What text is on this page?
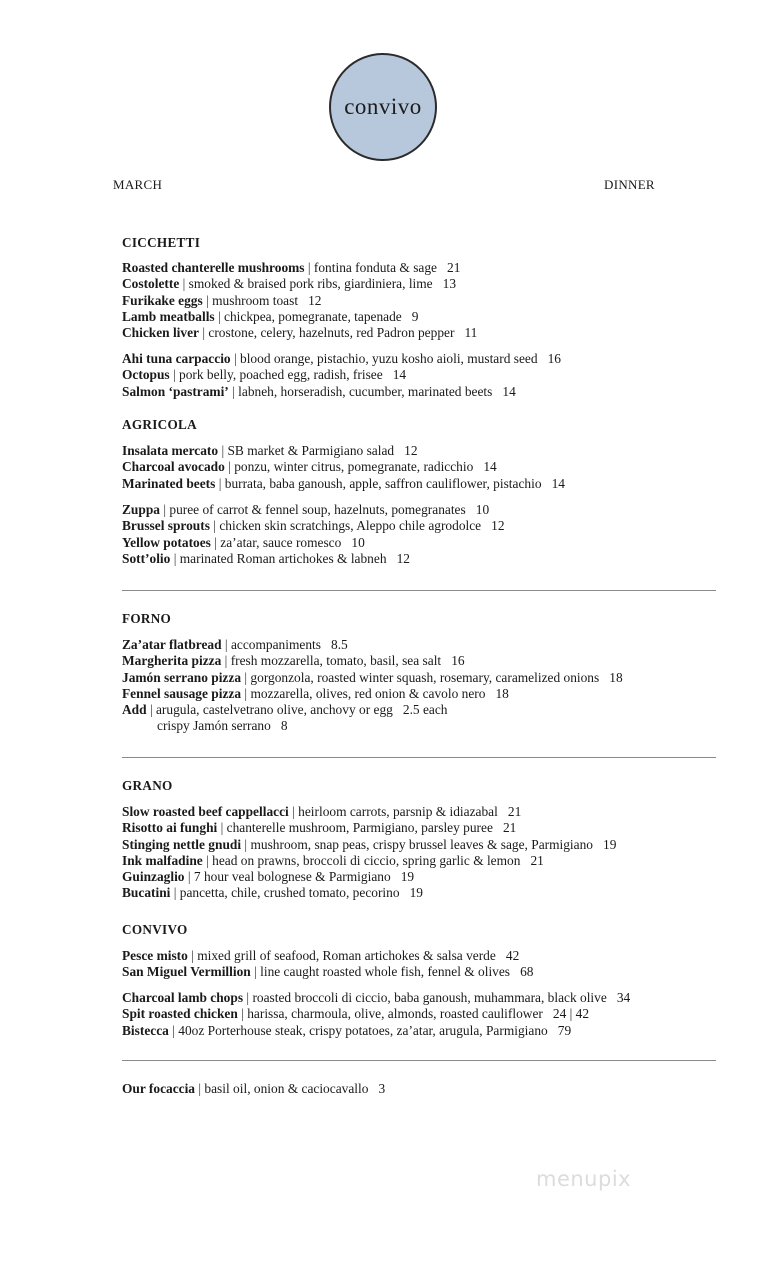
convivo
MARCH	DINNER
CICCHETTI
Roasted chanterelle mushrooms | fontina fonduta & sage 21
Costolette | smoked & braised pork ribs, giardiniera, lime 13
Furikake eggs | mushroom toast 12
Lamb meatballs | chickpea, pomegranate, tapenade 9
Chicken liver | crostone, celery, hazelnuts, red Padron pepper 11
Ahi tuna carpaccio | blood orange, pistachio, yuzu kosho aioli, mustard seed 16
Octopus | pork belly, poached egg, radish, frisee 14
Salmon ‘pastrami’ | labneh, horseradish, cucumber, marinated beets 14
AGRICOLA
Insalata mercato | SB market & Parmigiano salad 12
Charcoal avocado | ponzu, winter citrus, pomegranate, radicchio 14
Marinated beets | burrata, baba ganoush, apple, saffron cauliflower, pistachio 14
Zuppa | puree of carrot & fennel soup, hazelnuts, pomegranates 10
Brussel sprouts | chicken skin scratchings, Aleppo chile agrodolce 12
Yellow potatoes | za’atar, sauce romesco 10
Sott’olio | marinated Roman artichokes & labneh 12
FORNO
Za’atar flatbread | accompaniments 8.5
Margherita pizza | fresh mozzarella, tomato, basil, sea salt 16
Jamón serrano pizza | gorgonzola, roasted winter squash, rosemary, caramelized onions 18
Fennel sausage pizza | mozzarella, olives, red onion & cavolo nero 18
Add | arugula, castelvetrano olive, anchovy or egg 2.5 each
crispy Jamón serrano 8
GRANO
Slow roasted beef cappellacci | heirloom carrots, parsnip & idiazabal 21
Risotto ai funghi | chanterelle mushroom, Parmigiano, parsley puree 21
Stinging nettle gnudi | mushroom, snap peas, crispy brussel leaves & sage, Parmigiano 19
Ink malfadine | head on prawns, broccoli di ciccio, spring garlic & lemon 21
Guinzaglio | 7 hour veal bolognese & Parmigiano 19
Bucatini | pancetta, chile, crushed tomato, pecorino 19
CONVIVO
Pesce misto | mixed grill of seafood, Roman artichokes & salsa verde 42
San Miguel Vermillion | line caught roasted whole fish, fennel & olives 68
Charcoal lamb chops | roasted broccoli di ciccio, baba ganoush, muhammara, black olive 34
Spit roasted chicken | harissa, charmoula, olive, almonds, roasted cauliflower 24 | 42
Bistecca | 40oz Porterhouse steak, crispy potatoes, za’atar, arugula, Parmigiano 79
Our focaccia | basil oil, onion & caciocavallo 3
menupix
